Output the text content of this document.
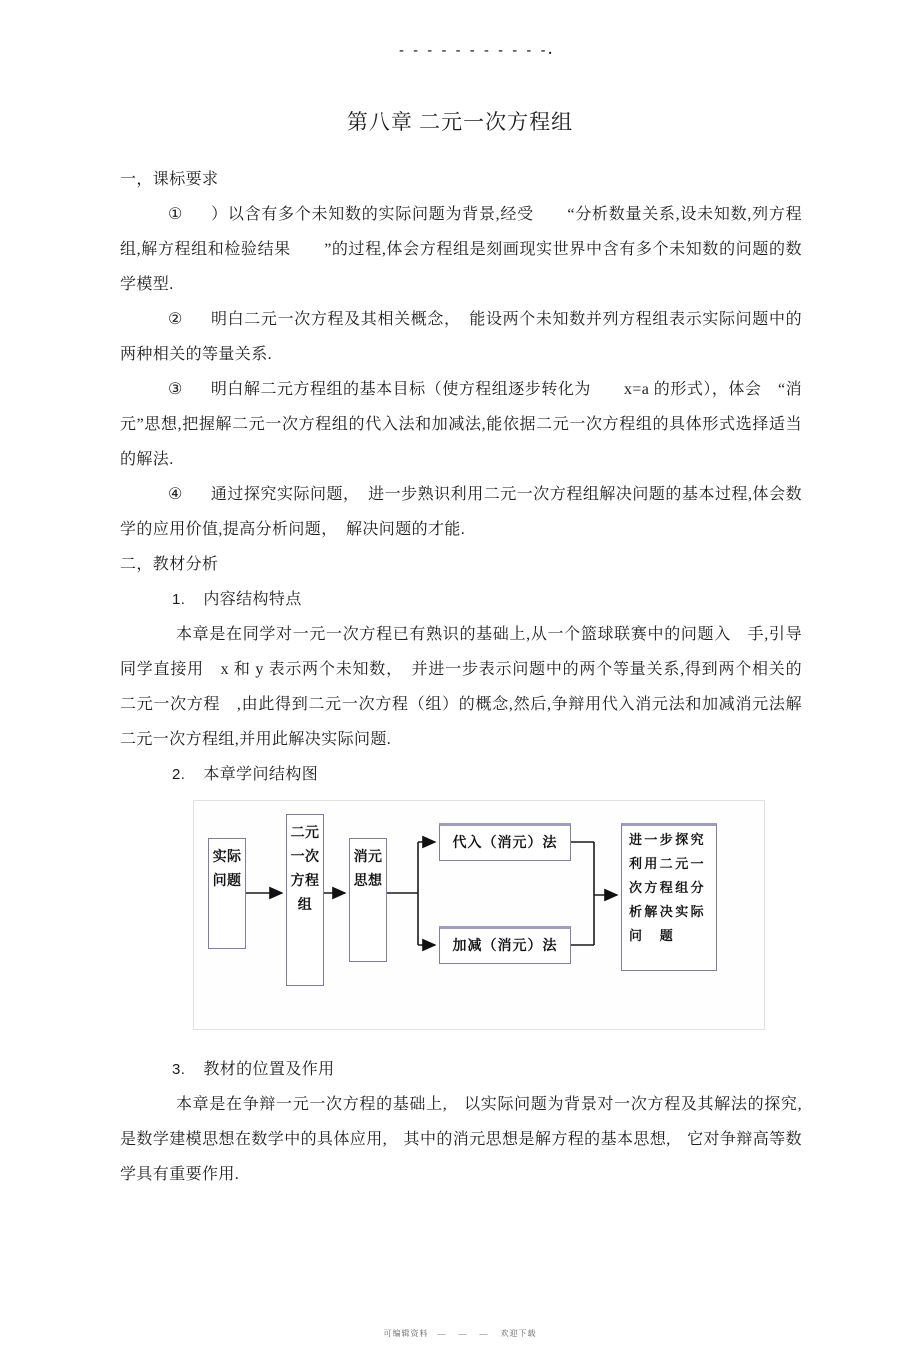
- - - - - - - - - - -.
第八章 二元一次方程组

一，课标要求

① ）以含有多个未知数的实际问题为背景,经受　　“分析数量关系,设未知数,列方程组,解方程组和检验结果　　”的过程,体会方程组是刻画现实世界中含有多个未知数的问题的数学模型.

② 明白二元一次方程及其相关概念，　能设两个未知数并列方程组表示实际问题中的两种相关的等量关系.

③ 明白解二元方程组的基本目标（使方程组逐步转化为　　x=a 的形式），体会　“消元”思想,把握解二元一次方程组的代入法和加减法,能依据二元一次方程组的具体形式选择适当的解法.

④ 通过探究实际问题，　进一步熟识利用二元一次方程组解决问题的基本过程,体会数学的应用价值,提高分析问题，　解决问题的才能.

二，教材分析

1. 内容结构特点

本章是在同学对一元一次方程已有熟识的基础上,从一个篮球联赛中的问题入　手,引导同学直接用　x 和 y 表示两个未知数，　并进一步表示问题中的两个等量关系,得到两个相关的二元一次方程　,由此得到二元一次方程（组）的概念,然后,争辩用代入消元法和加减消元法解二元一次方程组,并用此解决实际问题.

2. 本章学问结构图

实际问题
二元一次方程组
消元思想
代入（消元）法
加减（消元）法
进一步探究利用二元一次方程组分析解决实际问　题

3. 教材的位置及作用

本章是在争辩一元一次方程的基础上,　以实际问题为背景对一次方程及其解法的探究,　是数学建模思想在数学中的具体应用,　其中的消元思想是解方程的基本思想,　它对争辩高等数学具有重要作用.

可编辑资料　—　 —　 —　 欢迎下载
